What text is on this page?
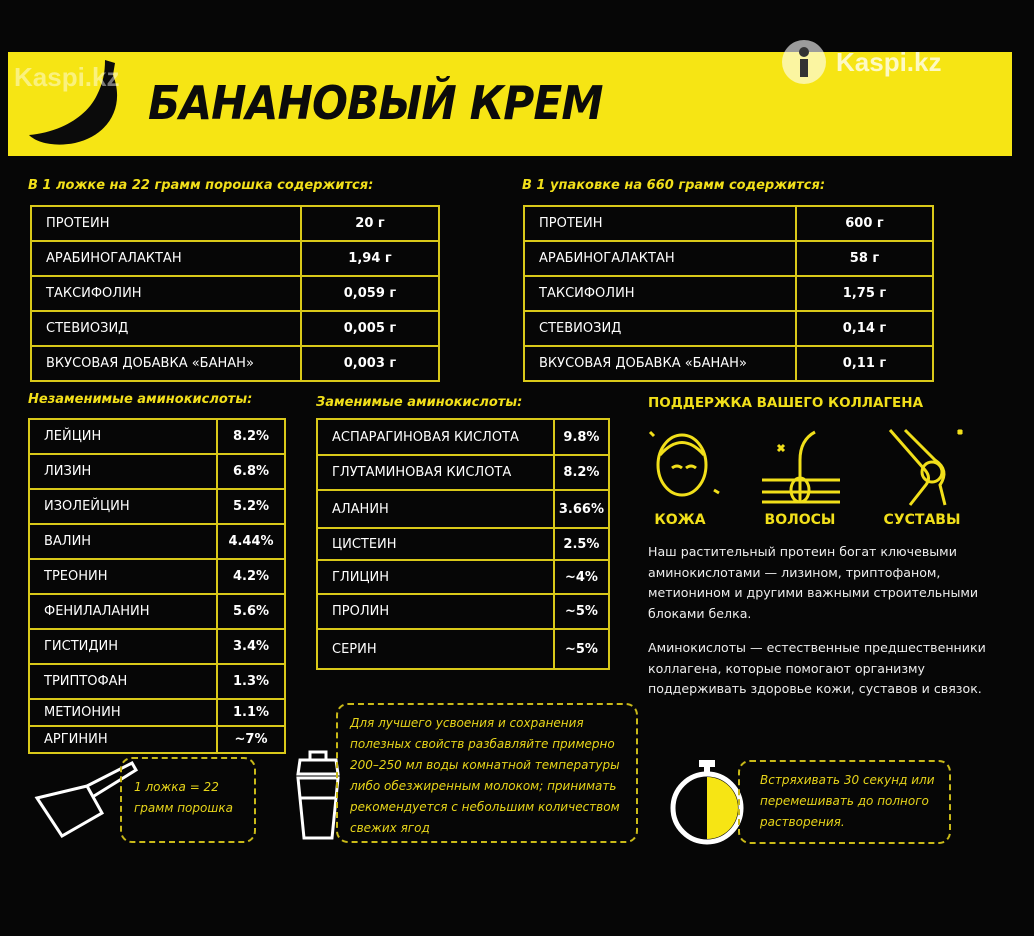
Kaspi.kz БАНАНОВЫЙ КРЕМ
Kaspi.kz
В 1 ложке на 22 грамм порошка содержится:
ПРОТЕИН	20 г
АРАБИНОГАЛАКТАН	1,94 г
ТАКСИФОЛИН	0,059 г
СТЕВИОЗИД	0,005 г
ВКУСОВАЯ ДОБАВКА «БАНАН»	0,003 г
В 1 упаковке на 660 грамм содержится:
ПРОТЕИН	600 г
АРАБИНОГАЛАКТАН	58 г
ТАКСИФОЛИН	1,75 г
СТЕВИОЗИД	0,14 г
ВКУСОВАЯ ДОБАВКА «БАНАН»	0,11 г
Незаменимые аминокислоты:
ЛЕЙЦИН	8.2%
ЛИЗИН	6.8%
ИЗОЛЕЙЦИН	5.2%
ВАЛИН	4.44%
ТРЕОНИН	4.2%
ФЕНИЛАЛАНИН	5.6%
ГИСТИДИН	3.4%
ТРИПТОФАН	1.3%
МЕТИОНИН	1.1%
АРГИНИН	~7%
Заменимые аминокислоты:
АСПАРАГИНОВАЯ КИСЛОТА	9.8%
ГЛУТАМИНОВАЯ КИСЛОТА	8.2%
АЛАНИН	3.66%
ЦИСТЕИН	2.5%
ГЛИЦИН	~4%
ПРОЛИН	~5%
СЕРИН	~5%
ПОДДЕРЖКА ВАШЕГО КОЛЛАГЕНА
КОЖА	ВОЛОСЫ	СУСТАВЫ
Наш растительный протеин богат ключевыми аминокислотами — лизином, триптофаном, метионином и другими важными строительными блоками белка.
Аминокислоты — естественные предшественники коллагена, которые помогают организму поддерживать здоровье кожи, суставов и связок.
1 ложка = 22 грамм порошка
Для лучшего усвоения и сохранения полезных свойств разбавляйте примерно 200–250 мл воды комнатной температуры либо обезжиренным молоком; принимать рекомендуется с небольшим количеством свежих ягод
Встряхивать 30 секунд или перемешивать до полного растворения.
